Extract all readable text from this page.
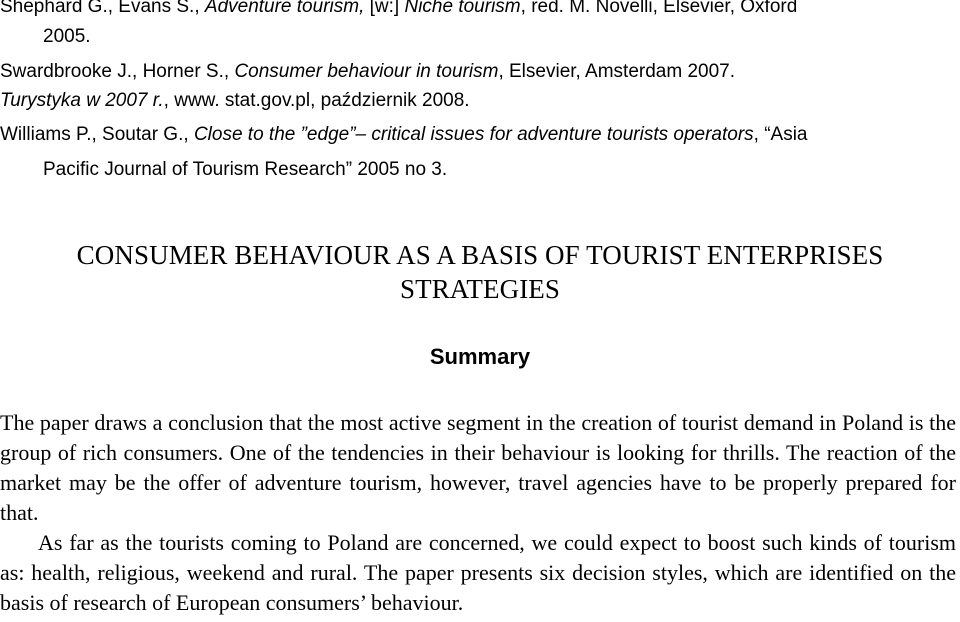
Shephard G., Evans S., Adventure tourism, [w:] Niche tourism, red. M. Novelli, Elsevier, Oxford
2005.
Swardbrooke J., Horner S., Consumer behaviour in tourism, Elsevier, Amsterdam 2007.
Turystyka w 2007 r., www. stat.gov.pl, październik 2008.
Williams P., Soutar G., Close to the ”edge”– critical issues for adventure tourists operators, “Asia
Pacific Journal of Tourism Research” 2005 no 3.
CONSUMER BEHAVIOUR AS A BASIS OF TOURIST ENTERPRISES
STRATEGIES
Summary

The paper draws a conclusion that the most active segment in the creation of tourist demand in Poland is the group of rich consumers. One of the tendencies in their behaviour is looking for thrills. The reaction of the market may be the offer of adventure tourism, however, travel agencies have to be properly prepared for that.

As far as the tourists coming to Poland are concerned, we could expect to boost such kinds of tourism as: health, religious, weekend and rural. The paper presents six decision styles, which are identified on the basis of research of European consumers’ behaviour.
